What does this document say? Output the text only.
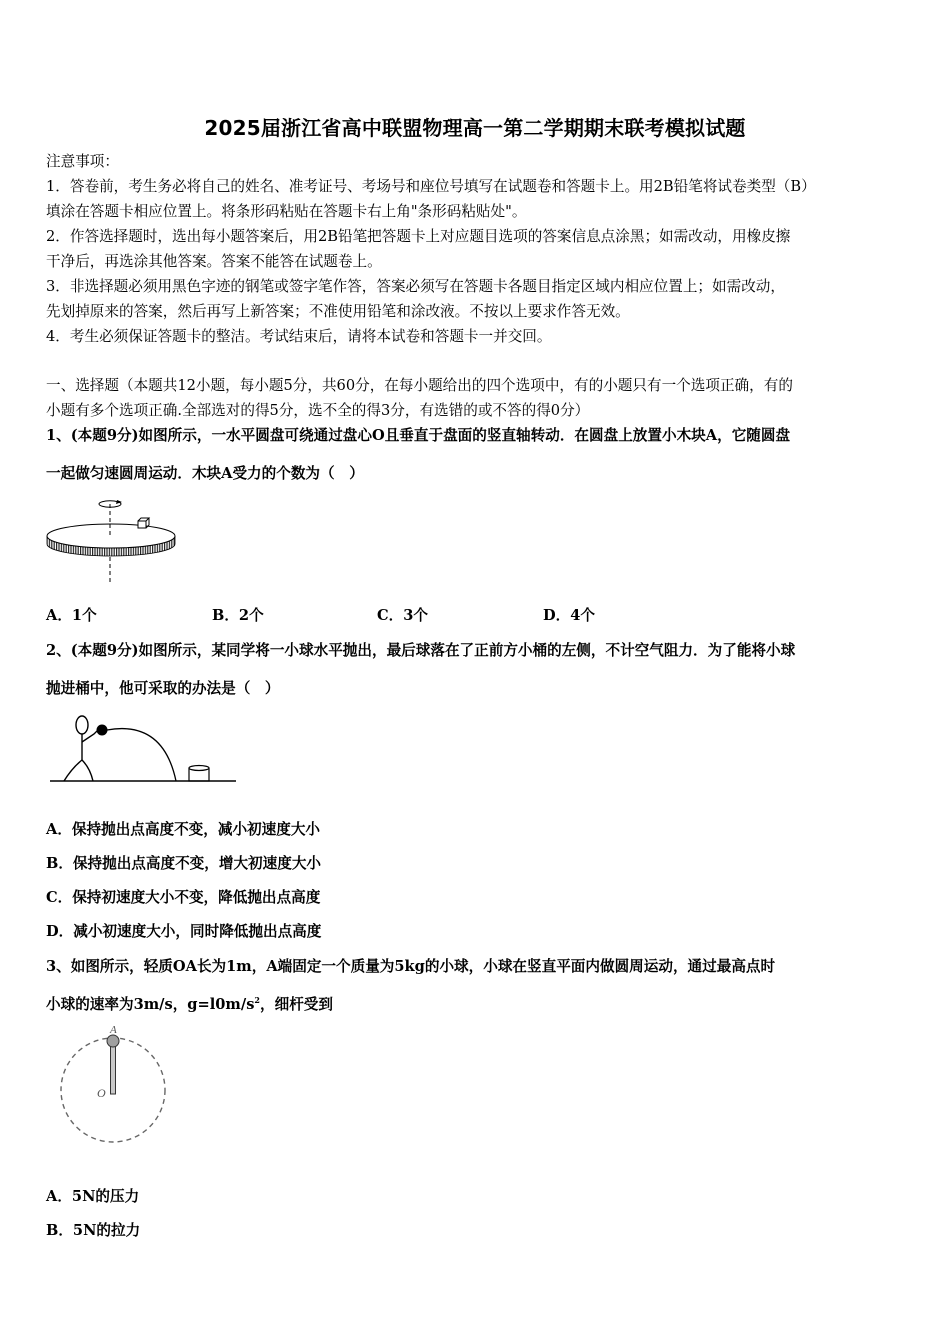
2025届浙江省高中联盟物理高一第二学期期末联考模拟试题
注意事项：
1．答卷前，考生务必将自己的姓名、准考证号、考场号和座位号填写在试题卷和答题卡上。用2B铅笔将试卷类型（B）
填涂在答题卡相应位置上。将条形码粘贴在答题卡右上角"条形码粘贴处"。
2．作答选择题时，选出每小题答案后，用2B铅笔把答题卡上对应题目选项的答案信息点涂黑；如需改动，用橡皮擦
干净后，再选涂其他答案。答案不能答在试题卷上。
3．非选择题必须用黑色字迹的钢笔或签字笔作答，答案必须写在答题卡各题目指定区域内相应位置上；如需改动，
先划掉原来的答案，然后再写上新答案；不准使用铅笔和涂改液。不按以上要求作答无效。
4．考生必须保证答题卡的整洁。考试结束后，请将本试卷和答题卡一并交回。
一、选择题（本题共12小题，每小题5分，共60分，在每小题给出的四个选项中，有的小题只有一个选项正确，有的
小题有多个选项正确.全部选对的得5分，选不全的得3分，有选错的或不答的得0分）
1、(本题9分)如图所示，一水平圆盘可绕通过盘心O且垂直于盘面的竖直轴转动．在圆盘上放置小木块A，它随圆盘
一起做匀速圆周运动．木块A受力的个数为（　）
A．1个	B．2个	C．3个	D．4个
2、(本题9分)如图所示，某同学将一小球水平抛出，最后球落在了正前方小桶的左侧，不计空气阻力．为了能将小球
抛进桶中，他可采取的办法是（　）
A．保持抛出点高度不变，减小初速度大小
B．保持抛出点高度不变，增大初速度大小
C．保持初速度大小不变，降低抛出点高度
D．减小初速度大小，同时降低抛出点高度
3、如图所示，轻质OA长为1m，A端固定一个质量为5kg的小球，小球在竖直平面内做圆周运动，通过最高点时
小球的速率为3m/s，$g=l0m/s^2$，细杆受到
A
O
A．5N的压力
B．5N的拉力
